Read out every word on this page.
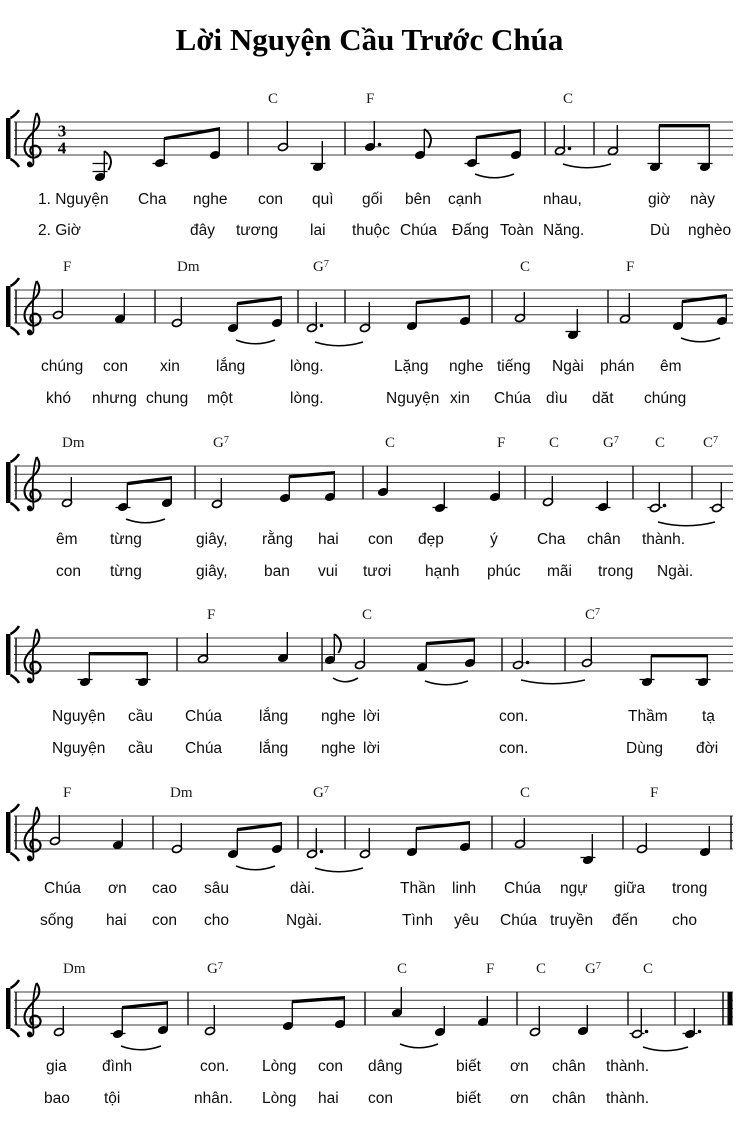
Lời Nguyện Cầu Trước Chúa
3
4
C	F	C
1. Nguyện Cha nghe con quì gối bên cạnh	nhau,	giờ này
2. Giờ	đây tương lai thuộc Chúa Đấng Toàn Năng.	Dù nghèo
F	Dm	$G^7$	C	F
chúng con xin lắng	lòng.	Lặng nghe tiếng Ngài phán êm
khó nhưng chung một	lòng.	Nguyện xin Chúa dìu dăt chúng
Dm	$G^7$	C	F	C	$G^7$ C	$C^7$
êm từng	giây, rằng hai con đẹp	ý	Cha chân thành.
con từng	giây, ban vui tươi hạnh phúc mãi trong Ngài.
F	C	$C^7$
Nguyện cầu Chúa lắng nghe lời	con.	Thầm tạ
Nguyện cầu Chúa lắng nghe lời	con.	Dùng đời
F	Dm	$G^7$	C	F
Chúa ơn cao sâu	dài.	Thần linh Chúa ngự giữa trong
sống hai con cho	Ngài.	Tình yêu Chúa truyền đến cho
Dm	$G^7$	C	F	C	$G^7$	C
gia đình	con. Lòng con dâng	biết ơn chân thành.
bao tội	nhân. Lòng hai con	biết ơn chân thành.
